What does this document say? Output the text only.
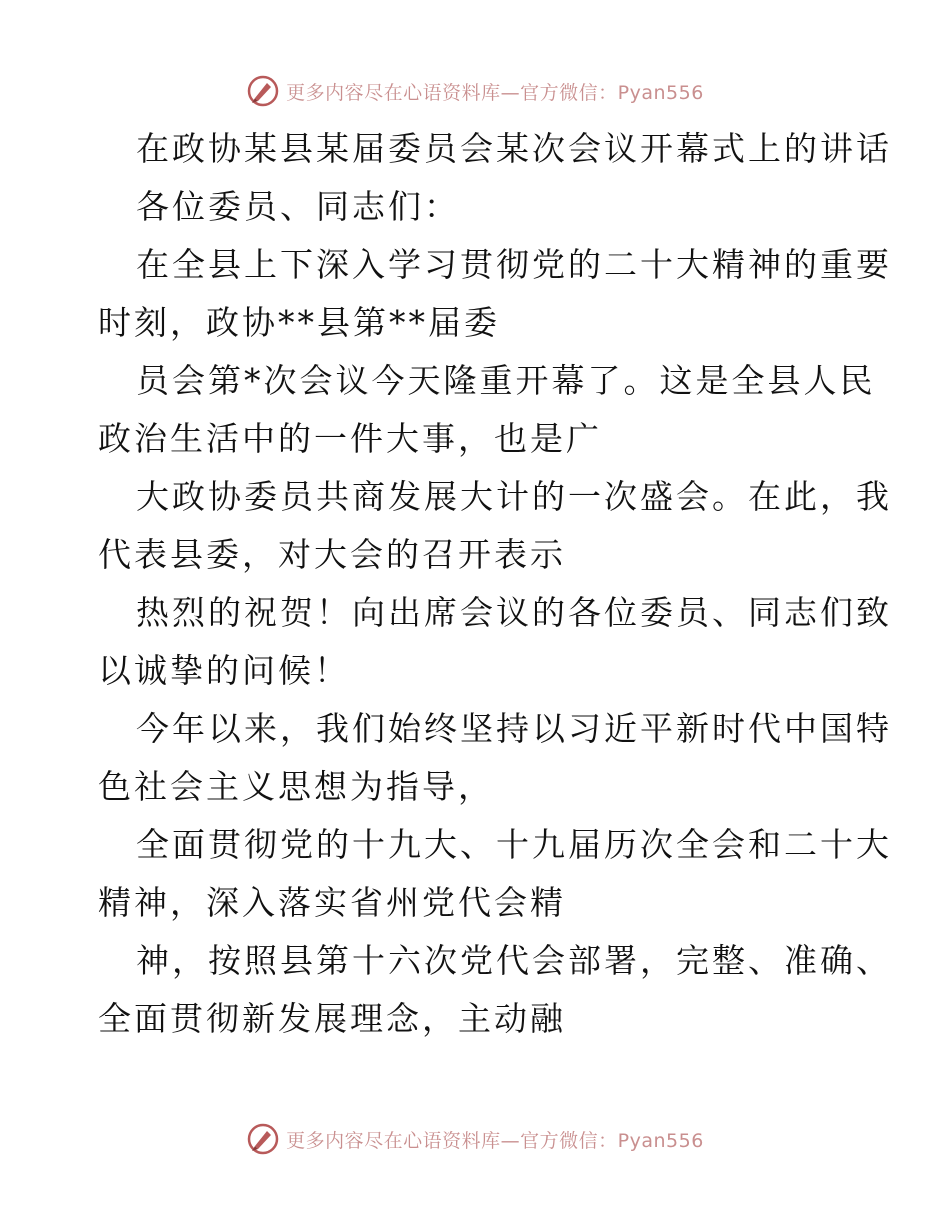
更多内容尽在心语资料库—官方微信：Pyan556
在政协某县某届委员会某次会议开幕式上的讲话
各位委员、同志们：
在全县上下深入学习贯彻党的二十大精神的重要
时刻，政协**县第**届委
员会第*次会议今天隆重开幕了。这是全县人民
政治生活中的一件大事，也是广
大政协委员共商发展大计的一次盛会。在此，我
代表县委，对大会的召开表示
热烈的祝贺！向出席会议的各位委员、同志们致
以诚挚的问候！
今年以来，我们始终坚持以习近平新时代中国特
色社会主义思想为指导，
全面贯彻党的十九大、十九届历次全会和二十大
精神，深入落实省州党代会精
神，按照县第十六次党代会部署，完整、准确、
全面贯彻新发展理念，主动融
更多内容尽在心语资料库—官方微信：Pyan556
